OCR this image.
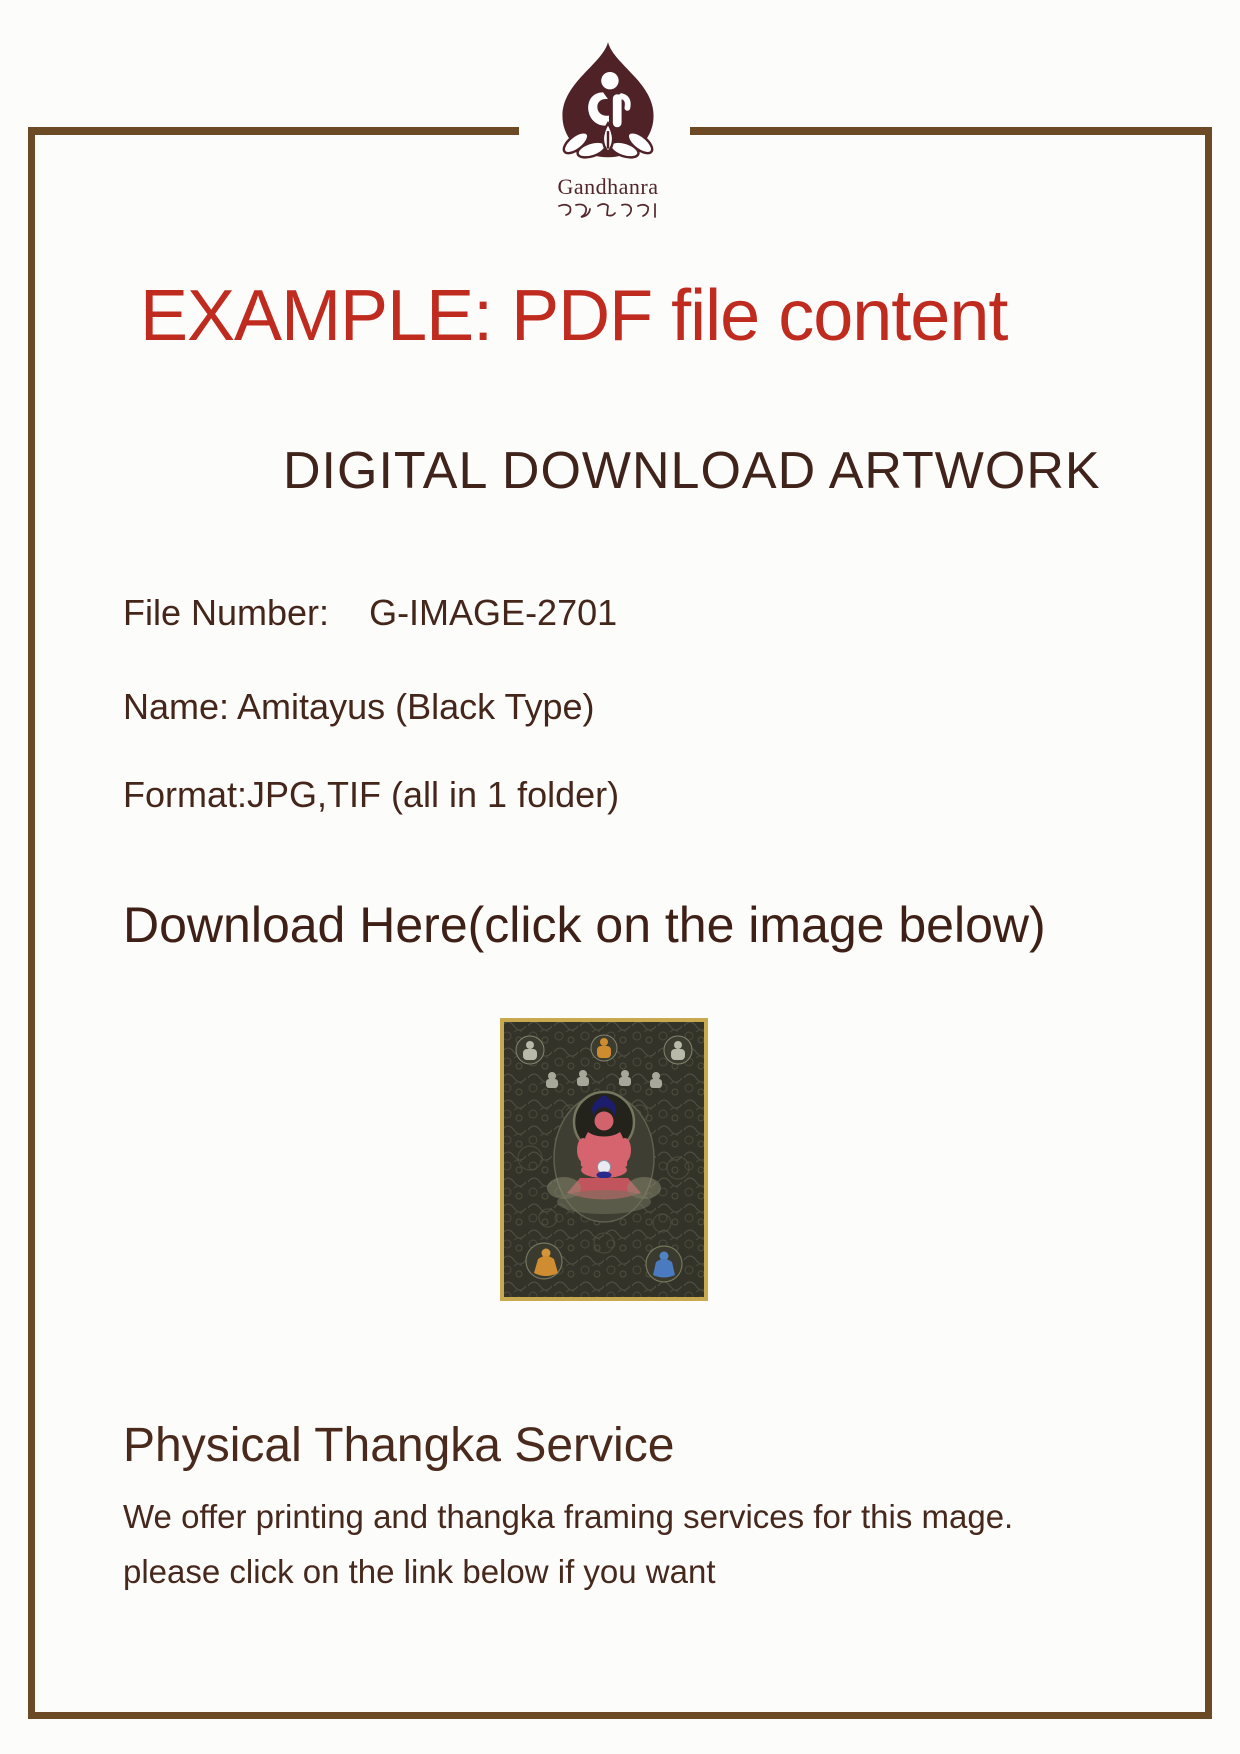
Gandhanra
EXAMPLE: PDF file content
DIGITAL DOWNLOAD ARTWORK
File Number: G-IMAGE-2701
Name: Amitayus (Black Type)
Format:JPG,TIF (all in 1 folder)
Download Here(click on the image below)
Physical Thangka Service
We offer printing and thangka framing services for this mage.
please click on the link below if you want
